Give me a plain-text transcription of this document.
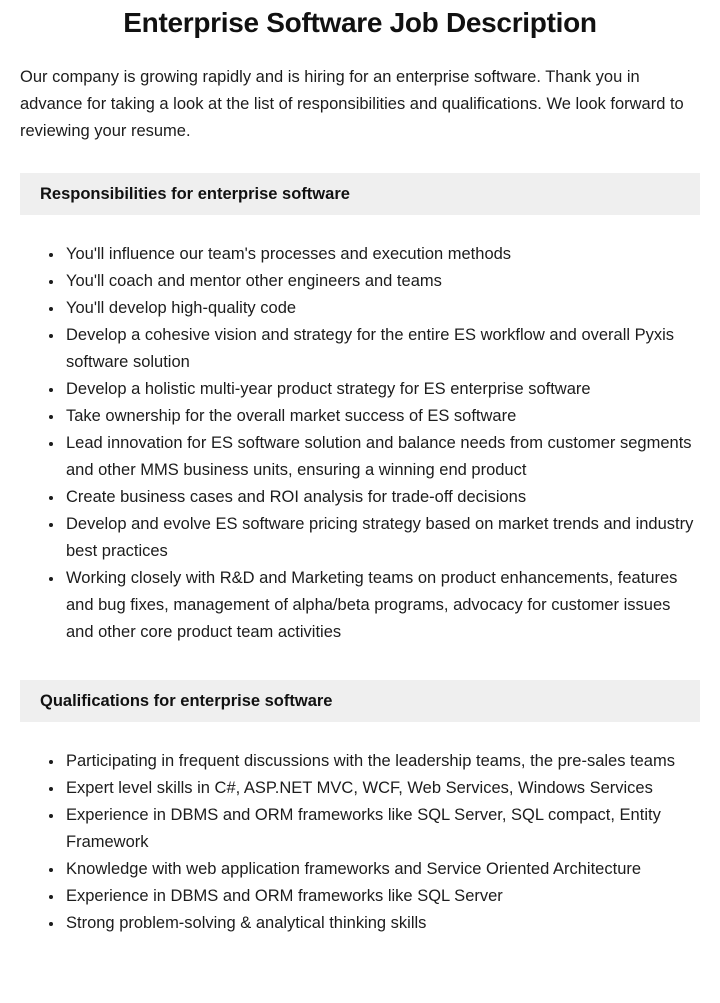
Enterprise Software Job Description

Our company is growing rapidly and is hiring for an enterprise software. Thank you in advance for taking a look at the list of responsibilities and qualifications. We look forward to reviewing your resume.

Responsibilities for enterprise software
• You'll influence our team's processes and execution methods
• You'll coach and mentor other engineers and teams
• You'll develop high-quality code
• Develop a cohesive vision and strategy for the entire ES workflow and overall Pyxis software solution
• Develop a holistic multi-year product strategy for ES enterprise software
• Take ownership for the overall market success of ES software
• Lead innovation for ES software solution and balance needs from customer segments and other MMS business units, ensuring a winning end product
• Create business cases and ROI analysis for trade-off decisions
• Develop and evolve ES software pricing strategy based on market trends and industry best practices
• Working closely with R&D and Marketing teams on product enhancements, features and bug fixes, management of alpha/beta programs, advocacy for customer issues and other core product team activities
Qualifications for enterprise software
• Participating in frequent discussions with the leadership teams, the pre-sales teams
• Expert level skills in C#, ASP.NET MVC, WCF, Web Services, Windows Services
• Experience in DBMS and ORM frameworks like SQL Server, SQL compact, Entity Framework
• Knowledge with web application frameworks and Service Oriented Architecture
• Experience in DBMS and ORM frameworks like SQL Server
• Strong problem-solving & analytical thinking skills
